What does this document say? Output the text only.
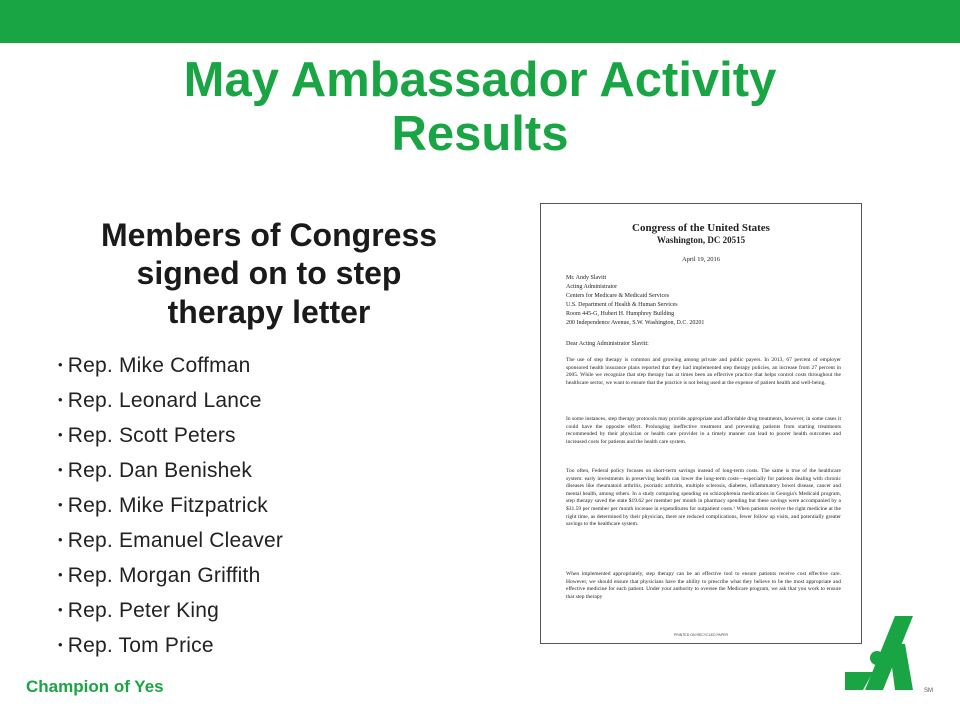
May Ambassador Activity
Results
Members of Congress
signed on to step
therapy letter
• Rep. Mike Coffman
• Rep. Leonard Lance
• Rep. Scott Peters
• Rep. Dan Benishek
• Rep. Mike Fitzpatrick
• Rep. Emanuel Cleaver
• Rep. Morgan Griffith
• Rep. Peter King
• Rep. Tom Price
Congress of the United States
Washington, DC 20515
April 19, 2016
Mr. Andy Slavitt
Acting Administrator
Centers for Medicare & Medicaid Services
U.S. Department of Health & Human Services
Room 445-G, Hubert H. Humphrey Building
200 Independence Avenue, S.W. Washington, D.C. 20201
Dear Acting Administrator Slavitt:

The use of step therapy is common and growing among private and public payers. In 2013, 67 percent of employer sponsored health insurance plans reported that they had implemented step therapy policies, an increase from 27 percent in 2005. While we recognize that step therapy has at times been an effective practice that helps control costs throughout the healthcare sector, we want to ensure that the practice is not being used at the expense of patient health and well-being.

In some instances, step therapy protocols may provide appropriate and affordable drug treatments, however, in some cases it could have the opposite effect. Prolonging ineffective treatment and preventing patients from starting treatments recommended by their physician or health care provider in a timely manner can lead to poorer health outcomes and increased costs for patients and the health care system.

Too often, Federal policy focuses on short-term savings instead of long-term costs. The same is true of the healthcare system: early investments in preserving health can lower the long-term costs—especially for patients dealing with chronic diseases like rheumatoid arthritis, psoriatic arthritis, multiple sclerosis, diabetes, inflammatory bowel disease, cancer and mental health, among others. In a study comparing spending on schizophrenia medications in Georgia's Medicaid program, step therapy saved the state $19.62 per member per month in pharmacy spending but these savings were accompanied by a $31.59 per member per month increase in expenditures for outpatient costs.¹ When patients receive the right medicine at the right time, as determined by their physician, there are reduced complications, fewer follow up visits, and potentially greater savings to the healthcare system.

When implemented appropriately, step therapy can be an effective tool to ensure patients receive cost effective care. However, we should ensure that physicians have the ability to prescribe what they believe to be the most appropriate and effective medicine for each patient. Under your authority to oversee the Medicare program, we ask that you work to ensure that step therapy

PRINTED ON RECYCLED PAPER
Champion of Yes	SM
